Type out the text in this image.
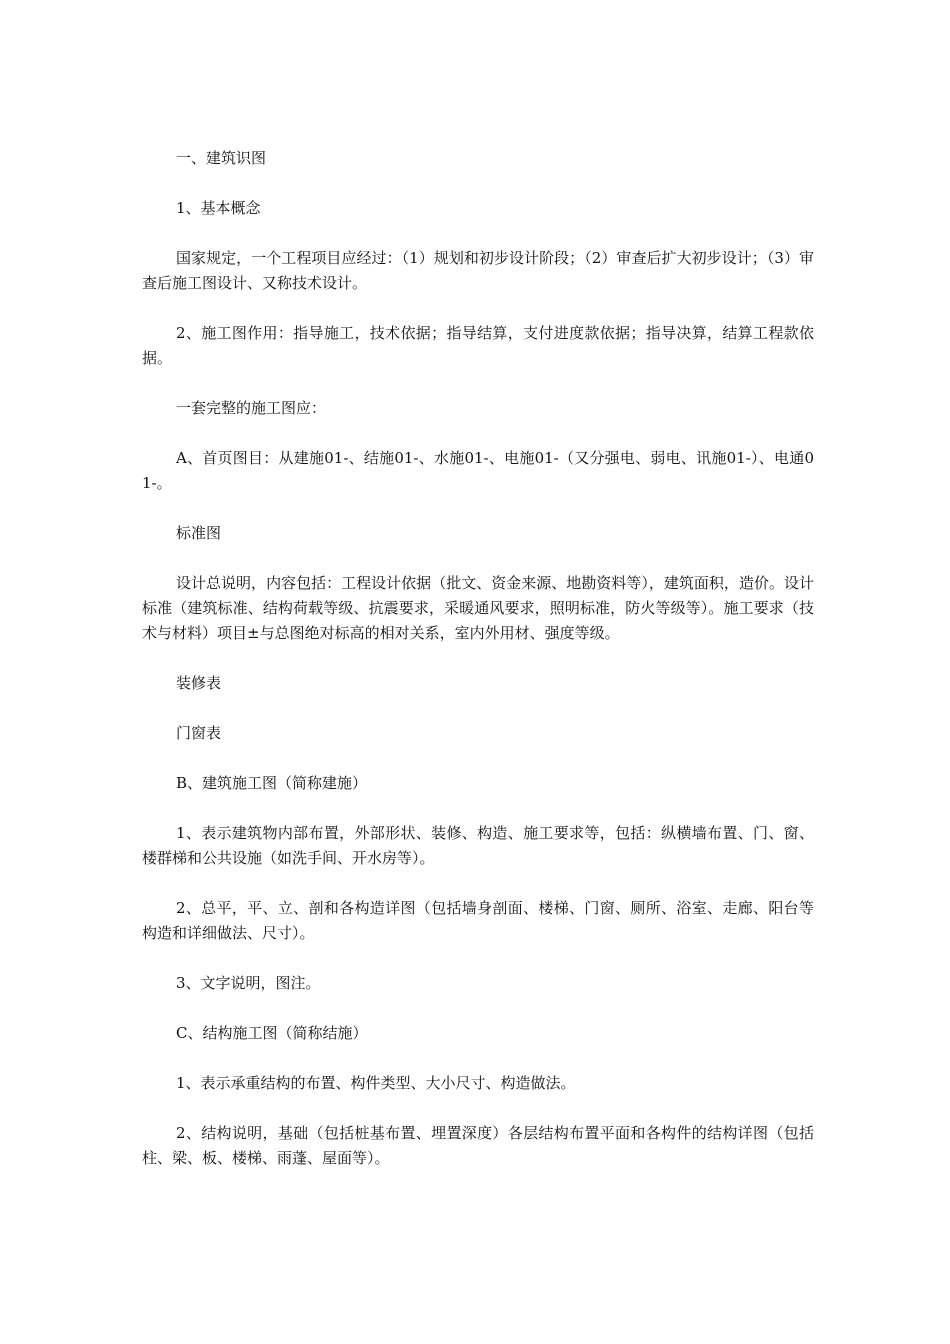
一、建筑识图

1、基本概念

国家规定，一个工程项目应经过：（1）规划和初步设计阶段；（2）审查后扩大初步设计；（3）审查后施工图设计、又称技术设计。

2、施工图作用：指导施工，技术依据；指导结算，支付进度款依据；指导决算，结算工程款依据。

一套完整的施工图应：

A、首页图目：从建施01-、结施01-、水施01-、电施01-（又分强电、弱电、讯施01-）、电通01-。

标准图

设计总说明，内容包括：工程设计依据（批文、资金来源、地勘资料等），建筑面积，造价。设计标准（建筑标准、结构荷载等级、抗震要求，采暖通风要求，照明标准，防火等级等）。施工要求（技术与材料）项目±与总图绝对标高的相对关系，室内外用材、强度等级。

装修表

门窗表

B、建筑施工图（简称建施）

1、表示建筑物内部布置，外部形状、装修、构造、施工要求等，包括：纵横墙布置、门、窗、楼群梯和公共设施（如洗手间、开水房等）。

2、总平，平、立、剖和各构造详图（包括墙身剖面、楼梯、门窗、厕所、浴室、走廊、阳台等构造和详细做法、尺寸）。

3、文字说明，图注。

C、结构施工图（简称结施）

1、表示承重结构的布置、构件类型、大小尺寸、构造做法。

2、结构说明，基础（包括桩基布置、埋置深度）各层结构布置平面和各构件的结构详图（包括柱、梁、板、楼梯、雨蓬、屋面等）。
